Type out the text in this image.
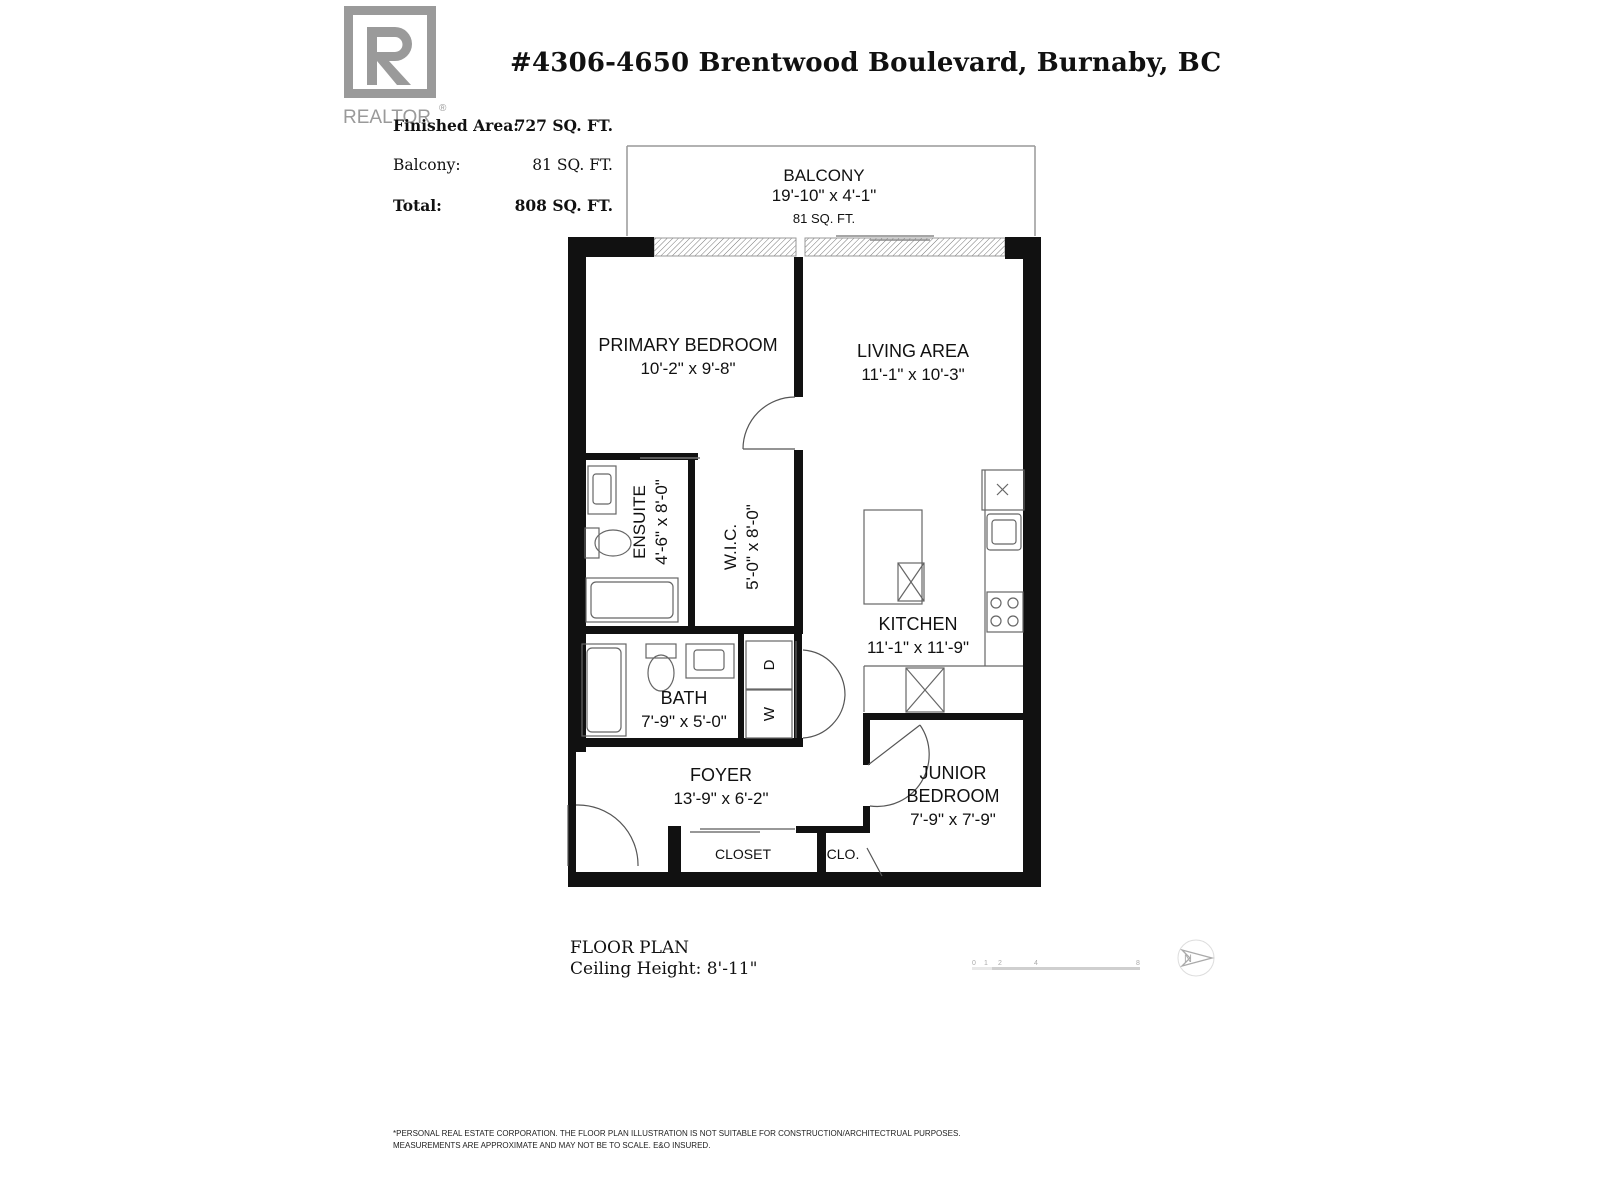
REALTOR ®
#4306-4650 Brentwood Boulevard, Burnaby, BC
Finished Area:
727 SQ. FT.
Balcony:	81 SQ. FT.
Total:	808 SQ. FT.
BALCONY
19'-10" x 4'-1"
81 SQ. FT.
PRIMARY BEDROOM
10'-2" x 9'-8"
LIVING AREA
11'-1" x 10'-3"
ENSUITE 4'-6" x 8'-0"	W.I.C. 5'-0" x 8'-0"
KITCHEN
11'-1" x 11'-9"
BATH
7'-9" x 5'-0"
D
W
FOYER
13'-9" x 6'-2"
JUNIOR
BEDROOM
7'-9" x 7'-9"
CLOSET	CLO.
FLOOR PLAN
Ceiling Height: 8'-11"	0 1 2	4	8	N
*PERSONAL REAL ESTATE CORPORATION. THE FLOOR PLAN ILLUSTRATION IS NOT SUITABLE FOR CONSTRUCTION/ARCHITECTRUAL PURPOSES.
MEASUREMENTS ARE APPROXIMATE AND MAY NOT BE TO SCALE. E&O INSURED.
